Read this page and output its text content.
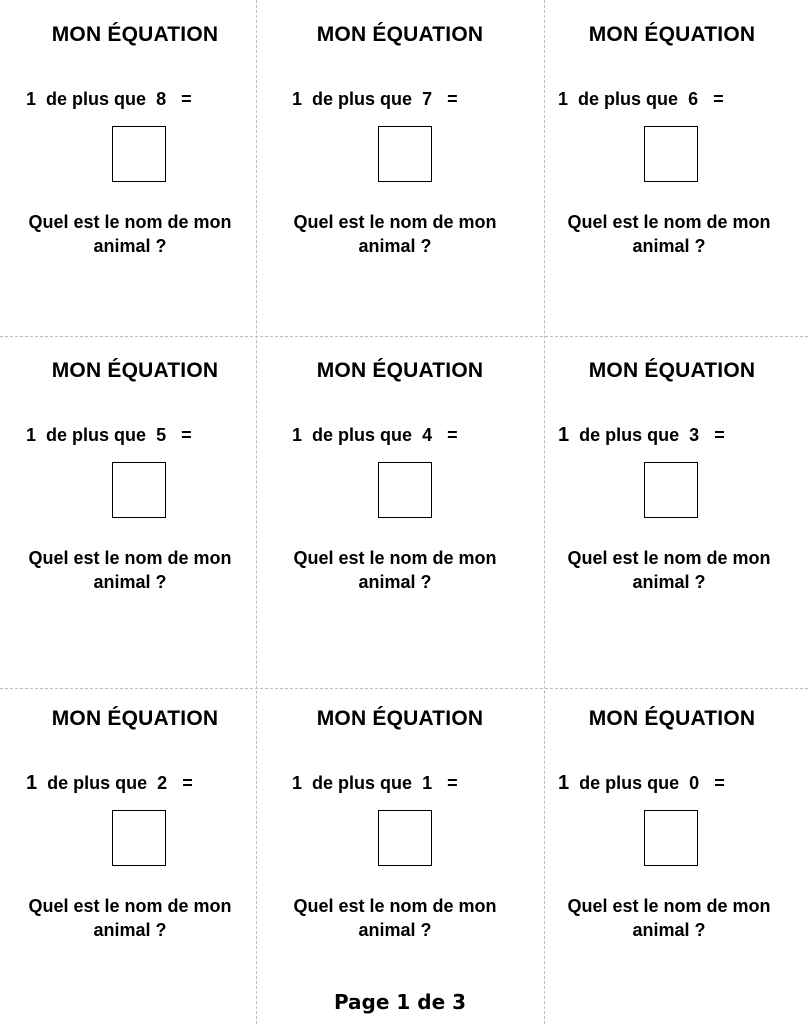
MON ÉQUATION
1 de plus que 8 =
Quel est le nom de mon animal ?
MON ÉQUATION
1 de plus que 7 =
Quel est le nom de mon animal ?
MON ÉQUATION
1 de plus que 6 =
Quel est le nom de mon animal ?
MON ÉQUATION
1 de plus que 5 =
Quel est le nom de mon animal ?
MON ÉQUATION
1 de plus que 4 =
Quel est le nom de mon animal ?
MON ÉQUATION
1 de plus que 3 =
Quel est le nom de mon animal ?
MON ÉQUATION
1 de plus que 2 =
Quel est le nom de mon animal ?
MON ÉQUATION
1 de plus que 1 =
Quel est le nom de mon animal ?
MON ÉQUATION
1 de plus que 0 =
Quel est le nom de mon animal ?
Page 1 de 3
